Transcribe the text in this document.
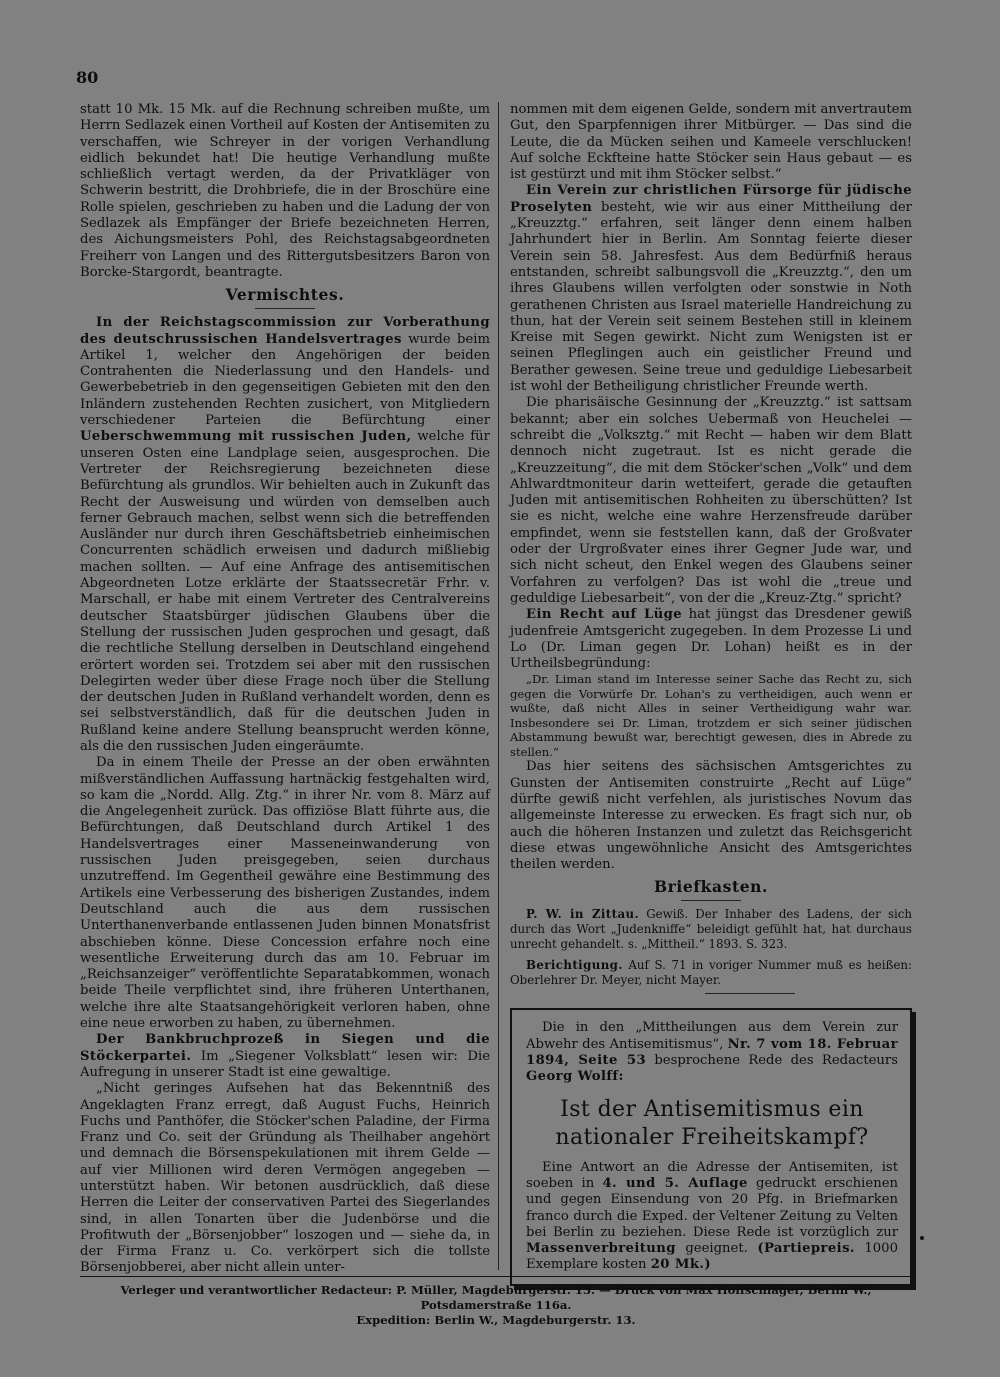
80

statt 10 Mk. 15 Mk. auf die Rechnung schreiben mußte, um Herrn Sedlazek einen Vortheil auf Kosten der Antisemiten zu verschaffen, wie Schreyer in der vorigen Verhandlung eidlich bekundet hat! Die heutige Verhandlung mußte schließlich vertagt werden, da der Privatkläger von Schwerin bestritt, die Drohbriefe, die in der Broschüre eine Rolle spielen, geschrieben zu haben und die Ladung der von Sedlazek als Empfänger der Briefe bezeichneten Herren, des Aichungsmeisters Pohl, des Reichstagsabgeordneten Freiherr von Langen und des Rittergutsbesitzers Baron von Borcke-Stargordt, beantragte.

Vermischtes.

In der Reichstagscommission zur Vorberathung des deutschrussischen Handelsvertrages wurde beim Artikel 1, welcher den Angehörigen der beiden Contrahenten die Niederlassung und den Handels- und Gewerbebetrieb in den gegenseitigen Gebieten mit den den Inländern zustehenden Rechten zusichert, von Mitgliedern verschiedener Parteien die Befürchtung einer Ueberschwemmung mit russischen Juden, welche für unseren Osten eine Landplage seien, ausgesprochen. Die Vertreter der Reichsregierung bezeichneten diese Befürchtung als grundlos. Wir behielten auch in Zukunft das Recht der Ausweisung und würden von demselben auch ferner Gebrauch machen, selbst wenn sich die betreffenden Ausländer nur durch ihren Geschäftsbetrieb einheimischen Concurrenten schädlich erweisen und dadurch mißliebig machen sollten. — Auf eine Anfrage des antisemitischen Abgeordneten Lotze erklärte der Staatssecretär Frhr. v. Marschall, er habe mit einem Vertreter des Centralvereins deutscher Staatsbürger jüdischen Glaubens über die Stellung der russischen Juden gesprochen und gesagt, daß die rechtliche Stellung derselben in Deutschland eingehend erörtert worden sei. Trotzdem sei aber mit den russischen Delegirten weder über diese Frage noch über die Stellung der deutschen Juden in Rußland verhandelt worden, denn es sei selbstverständlich, daß für die deutschen Juden in Rußland keine andere Stellung beansprucht werden könne, als die den russischen Juden eingeräumte.

Da in einem Theile der Presse an der oben erwähnten mißverständlichen Auffassung hartnäckig festgehalten wird, so kam die „Nordd. Allg. Ztg.“ in ihrer Nr. vom 8. März auf die Angelegenheit zurück. Das offiziöse Blatt führte aus, die Befürchtungen, daß Deutschland durch Artikel 1 des Handelsvertrages einer Masseneinwanderung von russischen Juden preisgegeben, seien durchaus unzutreffend. Im Gegentheil gewähre eine Bestimmung des Artikels eine Verbesserung des bisherigen Zustandes, indem Deutschland auch die aus dem russischen Unterthanenverbande entlassenen Juden binnen Monatsfrist abschieben könne. Diese Concession erfahre noch eine wesentliche Erweiterung durch das am 10. Februar im „Reichsanzeiger“ veröffentlichte Separatabkommen, wonach beide Theile verpflichtet sind, ihre früheren Unterthanen, welche ihre alte Staatsangehörigkeit verloren haben, ohne eine neue erworben zu haben, zu übernehmen.

Der Bankbruchprozeß in Siegen und die Stöckerpartei. Im „Siegener Volksblatt“ lesen wir: Die Aufregung in unserer Stadt ist eine gewaltige.

„Nicht geringes Aufsehen hat das Bekenntniß des Angeklagten Franz erregt, daß August Fuchs, Heinrich Fuchs und Panthöfer, die Stöcker'schen Paladine, der Firma Franz und Co. seit der Gründung als Theilhaber angehört und demnach die Börsenspekulationen mit ihrem Gelde — auf vier Millionen wird deren Vermögen angegeben — unterstützt haben. Wir betonen ausdrücklich, daß diese Herren die Leiter der conservativen Partei des Siegerlandes sind, in allen Tonarten über die Judenbörse und die Profitwuth der „Börsenjobber“ loszogen und — siehe da, in der Firma Franz u. Co. verkörpert sich die tollste Börsenjobberei, aber nicht allein unter-

nommen mit dem eigenen Gelde, sondern mit anvertrautem Gut, den Sparpfennigen ihrer Mitbürger. — Das sind die Leute, die da Mücken seihen und Kameele verschlucken! Auf solche Eckfteine hatte Stöcker sein Haus gebaut — es ist gestürzt und mit ihm Stöcker selbst.“

Ein Verein zur christlichen Fürsorge für jüdische Proselyten besteht, wie wir aus einer Mittheilung der „Kreuzztg.“ erfahren, seit länger denn einem halben Jahrhundert hier in Berlin. Am Sonntag feierte dieser Verein sein 58. Jahresfest. Aus dem Bedürfniß heraus entstanden, schreibt salbungsvoll die „Kreuzztg.“, den um ihres Glaubens willen verfolgten oder sonstwie in Noth gerathenen Christen aus Israel materielle Handreichung zu thun, hat der Verein seit seinem Bestehen still in kleinem Kreise mit Segen gewirkt. Nicht zum Wenigsten ist er seinen Pfleglingen auch ein geistlicher Freund und Berather gewesen. Seine treue und geduldige Liebesarbeit ist wohl der Betheiligung christlicher Freunde werth.

Die pharisäische Gesinnung der „Kreuzztg.“ ist sattsam bekannt; aber ein solches Uebermaß von Heuchelei — schreibt die „Volksztg.“ mit Recht — haben wir dem Blatt dennoch nicht zugetraut. Ist es nicht gerade die „Kreuzzeitung“, die mit dem Stöcker'schen „Volk“ und dem Ahlwardtmoniteur darin wetteifert, gerade die getauften Juden mit antisemitischen Rohheiten zu überschütten? Ist sie es nicht, welche eine wahre Herzensfreude darüber empfindet, wenn sie feststellen kann, daß der Großvater oder der Urgroßvater eines ihrer Gegner Jude war, und sich nicht scheut, den Enkel wegen des Glaubens seiner Vorfahren zu verfolgen? Das ist wohl die „treue und geduldige Liebesarbeit“, von der die „Kreuz-Ztg.“ spricht?

Ein Recht auf Lüge hat jüngst das Dresdener gewiß judenfreie Amtsgericht zugegeben. In dem Prozesse Li und Lo (Dr. Liman gegen Dr. Lohan) heißt es in der Urtheilsbegründung:

„Dr. Liman stand im Interesse seiner Sache das Recht zu, sich gegen die Vorwürfe Dr. Lohan's zu vertheidigen, auch wenn er wußte, daß nicht Alles in seiner Vertheidigung wahr war. Insbesondere sei Dr. Liman, trotzdem er sich seiner jüdischen Abstammung bewußt war, berechtigt gewesen, dies in Abrede zu stellen.“

Das hier seitens des sächsischen Amtsgerichtes zu Gunsten der Antisemiten construirte „Recht auf Lüge“ dürfte gewiß nicht verfehlen, als juristisches Novum das allgemeinste Interesse zu erwecken. Es fragt sich nur, ob auch die höheren Instanzen und zuletzt das Reichsgericht diese etwas ungewöhnliche Ansicht des Amtsgerichtes theilen werden.

Briefkasten.

P. W. in Zittau. Gewiß. Der Inhaber des Ladens, der sich durch das Wort „Judenkniffe“ beleidigt gefühlt hat, hat durchaus unrecht gehandelt. s. „Mittheil.“ 1893. S. 323.

Berichtigung. Auf S. 71 in voriger Nummer muß es heißen: Oberlehrer Dr. Meyer, nicht Mayer.

Die in den „Mittheilungen aus dem Verein zur Abwehr des Antisemitismus“, Nr. 7 vom 18. Februar 1894, Seite 53 besprochene Rede des Redacteurs Georg Wolff:

Ist der Antisemitismus ein nationaler Freiheitskampf?

Eine Antwort an die Adresse der Antisemiten, ist soeben in 4. und 5. Auflage gedruckt erschienen und gegen Einsendung von 20 Pfg. in Briefmarken franco durch die Exped. der Veltener Zeitung zu Velten bei Berlin zu beziehen. Diese Rede ist vorzüglich zur Massenverbreitung geeignet. (Partiepreis. 1000 Exemplare kosten 20 Mk.)

Verleger und verantwortlicher Redacteur: P. Müller, Magdeburgerstr. 13. — Druck von Max Hoffschläger, Berlin W., Potsdamerstraße 116a.
Expedition: Berlin W., Magdeburgerstr. 13.
